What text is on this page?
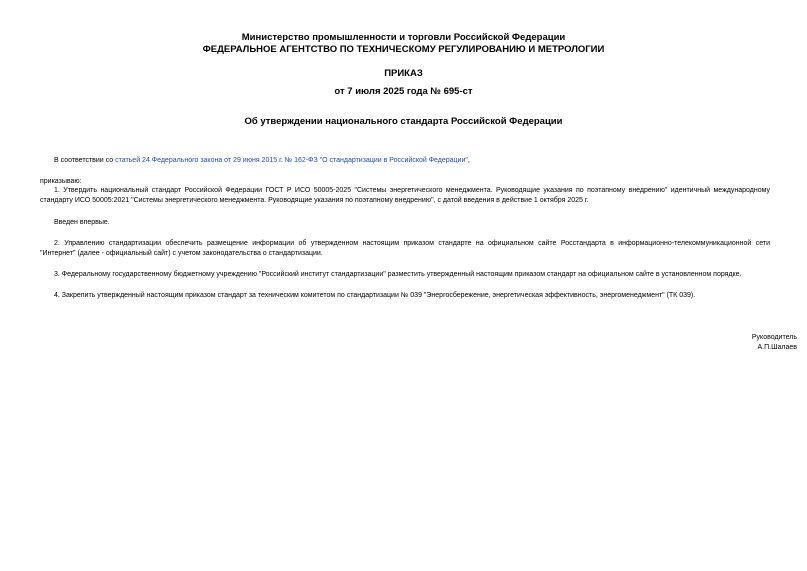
Министерство промышленности и торговли Российской Федерации
ФЕДЕРАЛЬНОЕ АГЕНТСТВО ПО ТЕХНИЧЕСКОМУ РЕГУЛИРОВАНИЮ И МЕТРОЛОГИИ
ПРИКАЗ
от 7 июля 2025 года № 695-ст
Об утверждении национального стандарта Российской Федерации
В соответствии со статьей 24 Федерального закона от 29 июня 2015 г. № 162-ФЗ "О стандартизации в Российской Федерации",
приказываю:
1. Утвердить национальный стандарт Российской Федерации ГОСТ Р ИСО 50005-2025 "Системы энергетического менеджмента. Руководящие указания по поэтапному внедрению" идентичный международному
стандарту ИСО 50005:2021 "Системы энергетического менеджмента. Руководящие указания по поэтапному внедрению", с датой введения в действие 1 октября 2025 г.
Введен впервые.
2. Управлению стандартизации обеспечить размещение информации об утвержденном настоящим приказом стандарте на официальном сайте Росстандарта в информационно-телекоммуникационной сети
"Интернет" (далее - официальный сайт) с учетом законодательства о стандартизации.
3. Федеральному государственному бюджетному учреждению "Российский институт стандартизации" разместить утвержденный настоящим приказом стандарт на официальном сайте в установленном порядке.
4. Закрепить утвержденный настоящим приказом стандарт за техническим комитетом по стандартизации № 039 "Энергосбережение, энергетическая эффективность, энергоменеджмент" (ТК 039).
Руководитель
А.П.Шалаев
